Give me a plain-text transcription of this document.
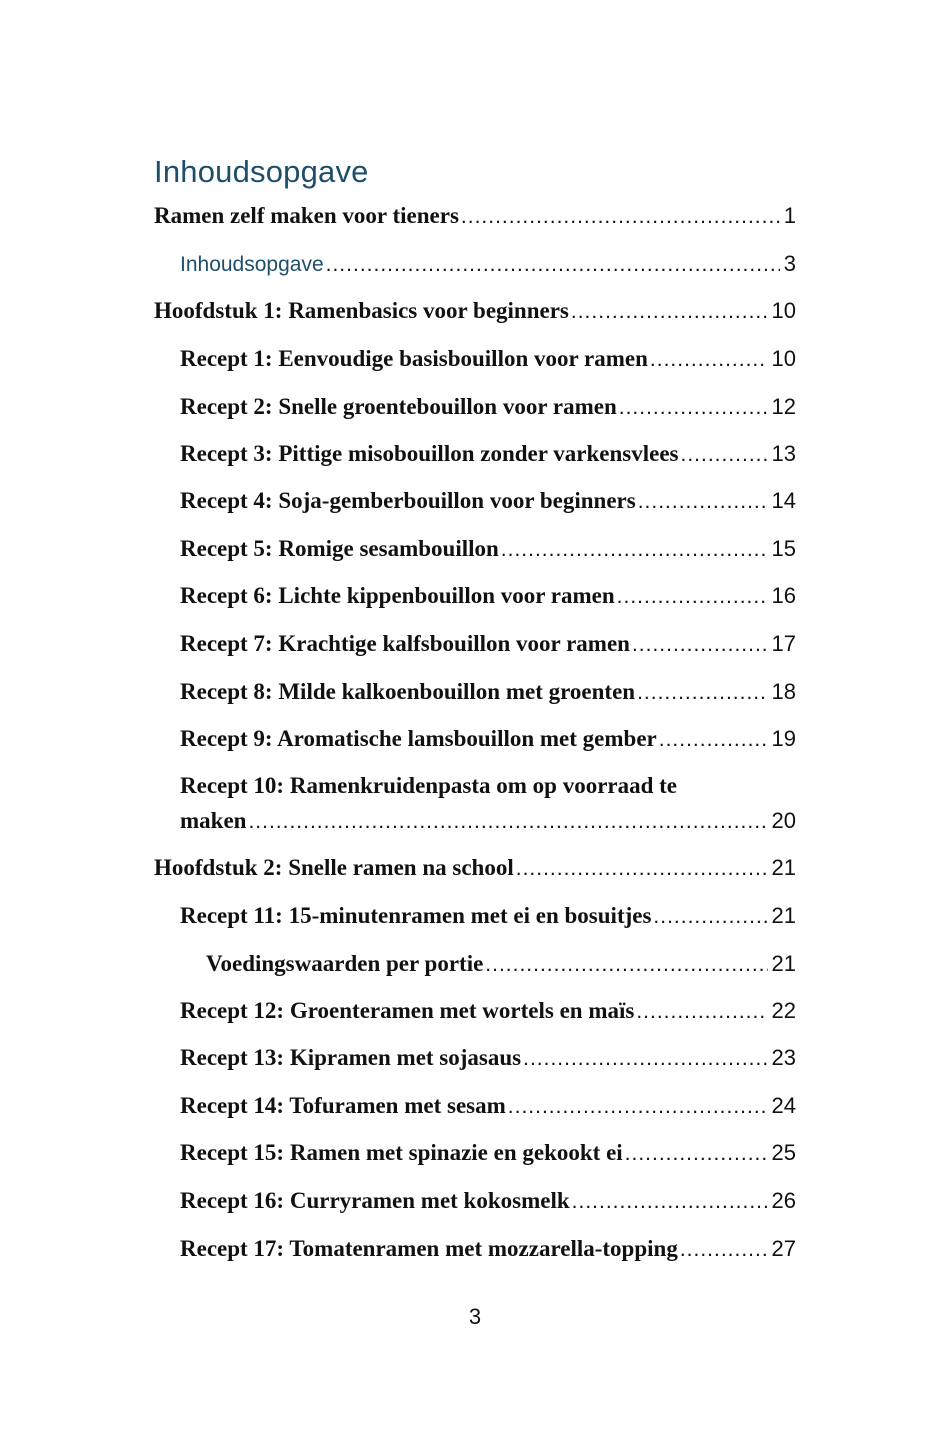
Inhoudsopgave
Ramen zelf maken voor tieners .....	1
Inhoudsopgave .....	3
Hoofdstuk 1: Ramenbasics voor beginners .....	10
Recept 1: Eenvoudige basisbouillon voor ramen .....	10
Recept 2: Snelle groentebouillon voor ramen .....	12
Recept 3: Pittige misobouillon zonder varkensvlees .....	13
Recept 4: Soja-gemberbouillon voor beginners .....	14
Recept 5: Romige sesambouillon .....	15
Recept 6: Lichte kippenbouillon voor ramen .....	16
Recept 7: Krachtige kalfsbouillon voor ramen .....	17
Recept 8: Milde kalkoenbouillon met groenten .....	18
Recept 9: Aromatische lamsbouillon met gember .....	19
Recept 10: Ramenkruidenpasta om op voorraad te
maken .....	20
Hoofdstuk 2: Snelle ramen na school .....	21
Recept 11: 15-minutenramen met ei en bosuitjes .....	21
Voedingswaarden per portie .....	21
Recept 12: Groenteramen met wortels en maïs .....	22
Recept 13: Kipramen met sojasaus .....	23
Recept 14: Tofuramen met sesam .....	24
Recept 15: Ramen met spinazie en gekookt ei .....	25
Recept 16: Curryramen met kokosmelk .....	26
Recept 17: Tomatenramen met mozzarella-topping .....	27
3
